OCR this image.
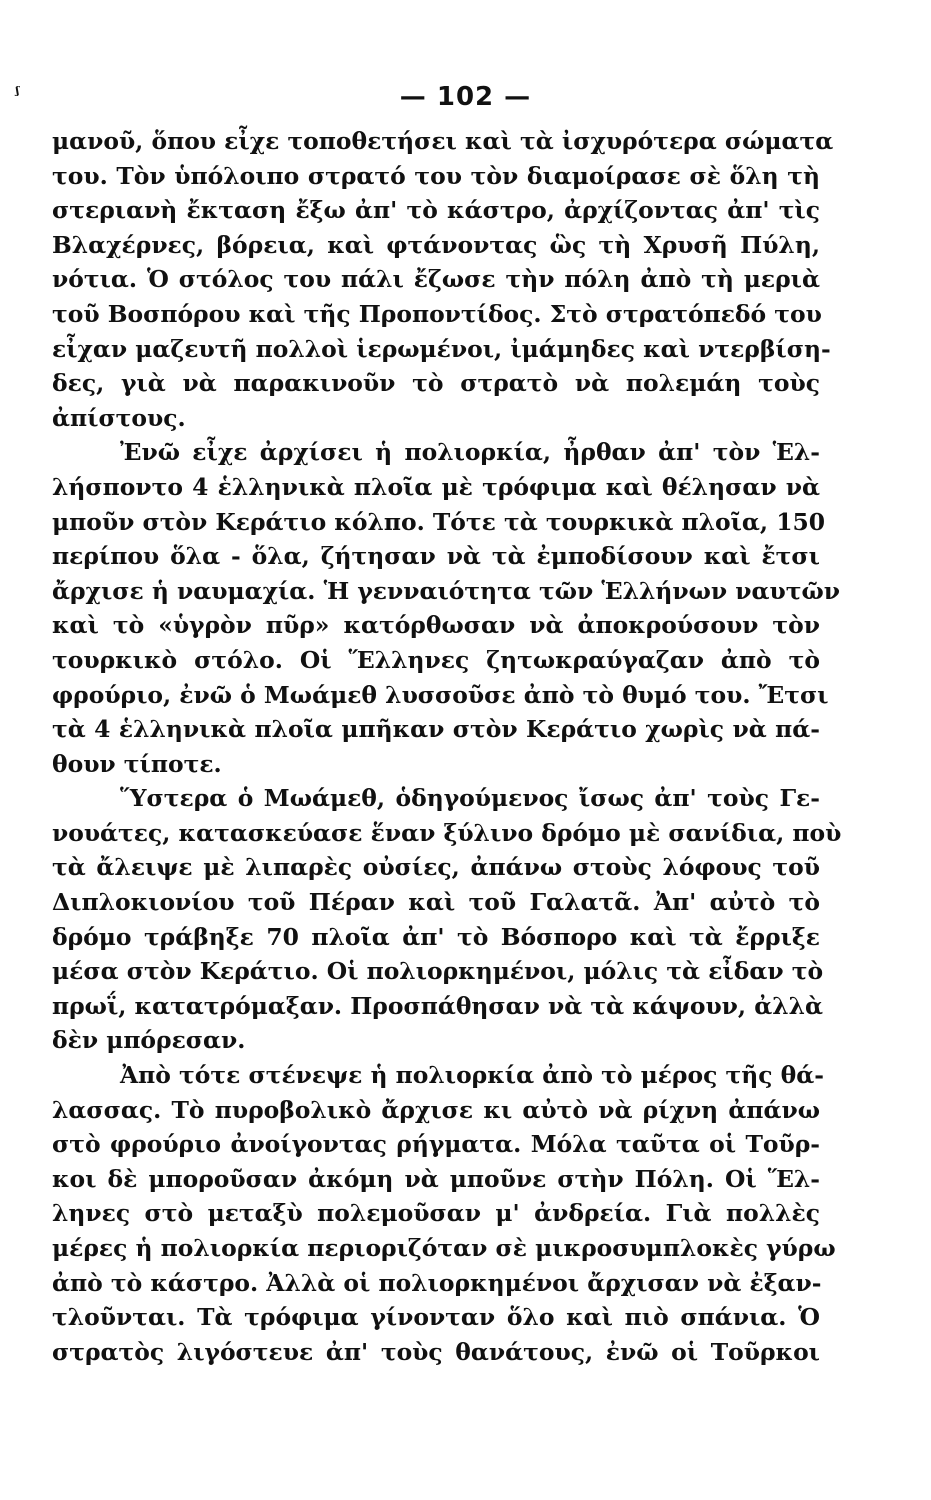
ᶴ	— 102 —
μανοῦ, ὅπου εἶχε τοποθετήσει καὶ τὰ ἰσχυρότερα σώματα
του. Τὸν ὑπόλοιπο στρατό του τὸν διαμοίρασε σὲ ὅλη τὴ
στεριανὴ ἔκταση ἔξω ἀπ' τὸ κάστρο, ἀρχίζοντας ἀπ' τὶς
Βλαχέρνες, βόρεια, καὶ φτάνοντας ὣς τὴ Χρυσῆ Πύλη,
νότια. Ὁ στόλος του πάλι ἔζωσε τὴν πόλη ἀπὸ τὴ μεριὰ
τοῦ Βοσπόρου καὶ τῆς Προποντίδος. Στὸ στρατόπεδό του
εἶχαν μαζευτῆ πολλοὶ ἱερωμένοι, ἰμάμηδες καὶ ντερβίση-
δες, γιὰ νὰ παρακινοῦν τὸ στρατὸ νὰ πολεμάη τοὺς
ἀπίστους.
Ἐνῶ εἶχε ἀρχίσει ἡ πολιορκία, ἦρθαν ἀπ' τὸν Ἑλ-
λήσποντο 4 ἑλληνικὰ πλοῖα μὲ τρόφιμα καὶ θέλησαν νὰ
μποῦν στὸν Κεράτιο κόλπο. Τότε τὰ τουρκικὰ πλοῖα, 150
περίπου ὅλα - ὅλα, ζήτησαν νὰ τὰ ἐμποδίσουν καὶ ἔτσι
ἄρχισε ἡ ναυμαχία. Ἡ γενναιότητα τῶν Ἑλλήνων ναυτῶν
καὶ τὸ «ὑγρὸν πῦρ» κατόρθωσαν νὰ ἀποκρούσουν τὸν
τουρκικὸ στόλο. Οἱ Ἕλληνες ζητωκραύγαζαν ἀπὸ τὸ
φρούριο, ἐνῶ ὁ Μωάμεθ λυσσοῦσε ἀπὸ τὸ θυμό του. Ἔτσι
τὰ 4 ἑλληνικὰ πλοῖα μπῆκαν στὸν Κεράτιο χωρὶς νὰ πά-
θουν τίποτε.
Ὕστερα ὁ Μωάμεθ, ὁδηγούμενος ἴσως ἀπ' τοὺς Γε-
νουάτες, κατασκεύασε ἕναν ξύλινο δρόμο μὲ σανίδια, ποὺ
τὰ ἄλειψε μὲ λιπαρὲς οὐσίες, ἀπάνω στοὺς λόφους τοῦ
Διπλοκιονίου τοῦ Πέραν καὶ τοῦ Γαλατᾶ. Ἀπ' αὐτὸ τὸ
δρόμο τράβηξε 70 πλοῖα ἀπ' τὸ Βόσπορο καὶ τὰ ἔρριξε
μέσα στὸν Κεράτιο. Οἱ πολιορκημένοι, μόλις τὰ εἶδαν τὸ
πρωΐ, κατατρόμαξαν. Προσπάθησαν νὰ τὰ κάψουν, ἀλλὰ
δὲν μπόρεσαν.
Ἀπὸ τότε στένεψε ἡ πολιορκία ἀπὸ τὸ μέρος τῆς θά-
λασσας. Τὸ πυροβολικὸ ἄρχισε κι αὐτὸ νὰ ρίχνη ἀπάνω
στὸ φρούριο ἀνοίγοντας ρήγματα. Μόλα ταῦτα οἱ Τοῦρ-
κοι δὲ μποροῦσαν ἀκόμη νὰ μποῦνε στὴν Πόλη. Οἱ Ἕλ-
ληνες στὸ μεταξὺ πολεμοῦσαν μ' ἀνδρεία. Γιὰ πολλὲς
μέρες ἡ πολιορκία περιοριζόταν σὲ μικροσυμπλοκὲς γύρω
ἀπὸ τὸ κάστρο. Ἀλλὰ οἱ πολιορκημένοι ἄρχισαν νὰ ἐξαν-
τλοῦνται. Τὰ τρόφιμα γίνονταν ὅλο καὶ πιὸ σπάνια. Ὁ
στρατὸς λιγόστευε ἀπ' τοὺς θανάτους, ἐνῶ οἱ Τοῦρκοι
